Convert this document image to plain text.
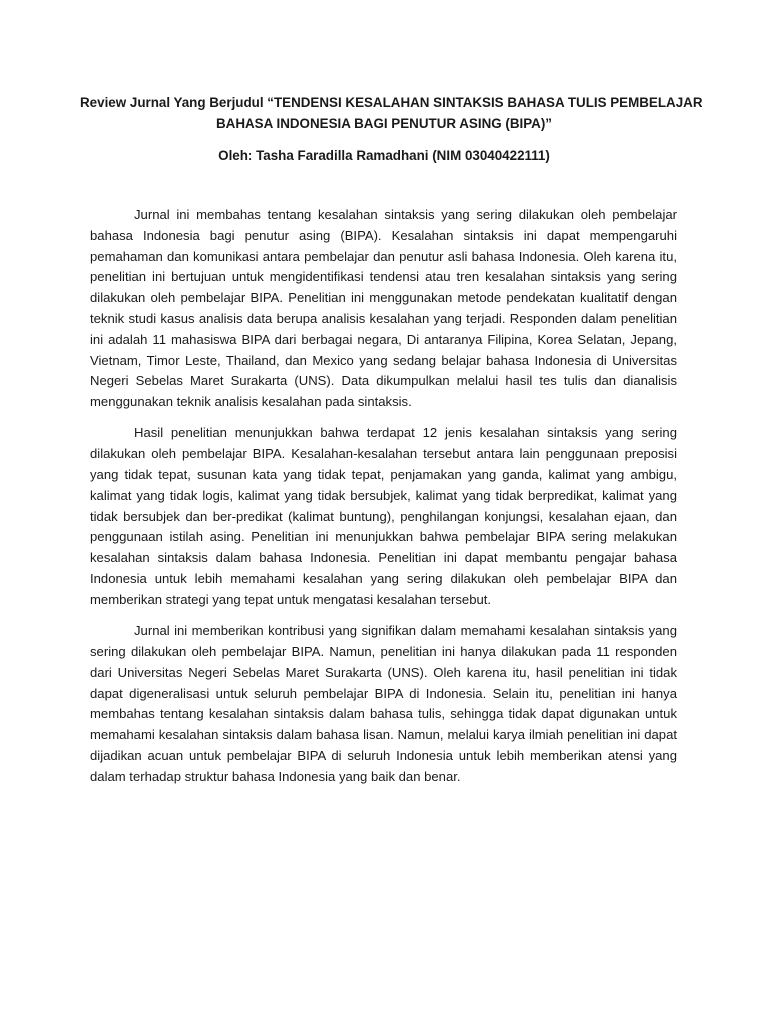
Review Jurnal Yang Berjudul “TENDENSI KESALAHAN SINTAKSIS BAHASA TULIS PEMBELAJAR
BAHASA INDONESIA BAGI PENUTUR ASING (BIPA)”
Oleh: Tasha Faradilla Ramadhani (NIM 03040422111)

Jurnal ini membahas tentang kesalahan sintaksis yang sering dilakukan oleh pembelajar bahasa Indonesia bagi penutur asing (BIPA). Kesalahan sintaksis ini dapat mempengaruhi pemahaman dan komunikasi antara pembelajar dan penutur asli bahasa Indonesia. Oleh karena itu, penelitian ini bertujuan untuk mengidentifikasi tendensi atau tren kesalahan sintaksis yang sering dilakukan oleh pembelajar BIPA. Penelitian ini menggunakan metode pendekatan kualitatif dengan teknik studi kasus analisis data berupa analisis kesalahan yang terjadi. Responden dalam penelitian ini adalah 11 mahasiswa BIPA dari berbagai negara, Di antaranya Filipina, Korea Selatan, Jepang, Vietnam, Timor Leste, Thailand, dan Mexico yang sedang belajar bahasa Indonesia di Universitas Negeri Sebelas Maret Surakarta (UNS). Data dikumpulkan melalui hasil tes tulis dan dianalisis menggunakan teknik analisis kesalahan pada sintaksis.

Hasil penelitian menunjukkan bahwa terdapat 12 jenis kesalahan sintaksis yang sering dilakukan oleh pembelajar BIPA. Kesalahan-kesalahan tersebut antara lain penggunaan preposisi yang tidak tepat, susunan kata yang tidak tepat, penjamakan yang ganda, kalimat yang ambigu, kalimat yang tidak logis, kalimat yang tidak bersubjek, kalimat yang tidak berpredikat, kalimat yang tidak bersubjek dan ber-predikat (kalimat buntung), penghilangan konjungsi, kesalahan ejaan, dan penggunaan istilah asing. Penelitian ini menunjukkan bahwa pembelajar BIPA sering melakukan kesalahan sintaksis dalam bahasa Indonesia. Penelitian ini dapat membantu pengajar bahasa Indonesia untuk lebih memahami kesalahan yang sering dilakukan oleh pembelajar BIPA dan memberikan strategi yang tepat untuk mengatasi kesalahan tersebut.

Jurnal ini memberikan kontribusi yang signifikan dalam memahami kesalahan sintaksis yang sering dilakukan oleh pembelajar BIPA. Namun, penelitian ini hanya dilakukan pada 11 responden dari Universitas Negeri Sebelas Maret Surakarta (UNS). Oleh karena itu, hasil penelitian ini tidak dapat digeneralisasi untuk seluruh pembelajar BIPA di Indonesia. Selain itu, penelitian ini hanya membahas tentang kesalahan sintaksis dalam bahasa tulis, sehingga tidak dapat digunakan untuk memahami kesalahan sintaksis dalam bahasa lisan. Namun, melalui karya ilmiah penelitian ini dapat dijadikan acuan untuk pembelajar BIPA di seluruh Indonesia untuk lebih memberikan atensi yang dalam terhadap struktur bahasa Indonesia yang baik dan benar.
